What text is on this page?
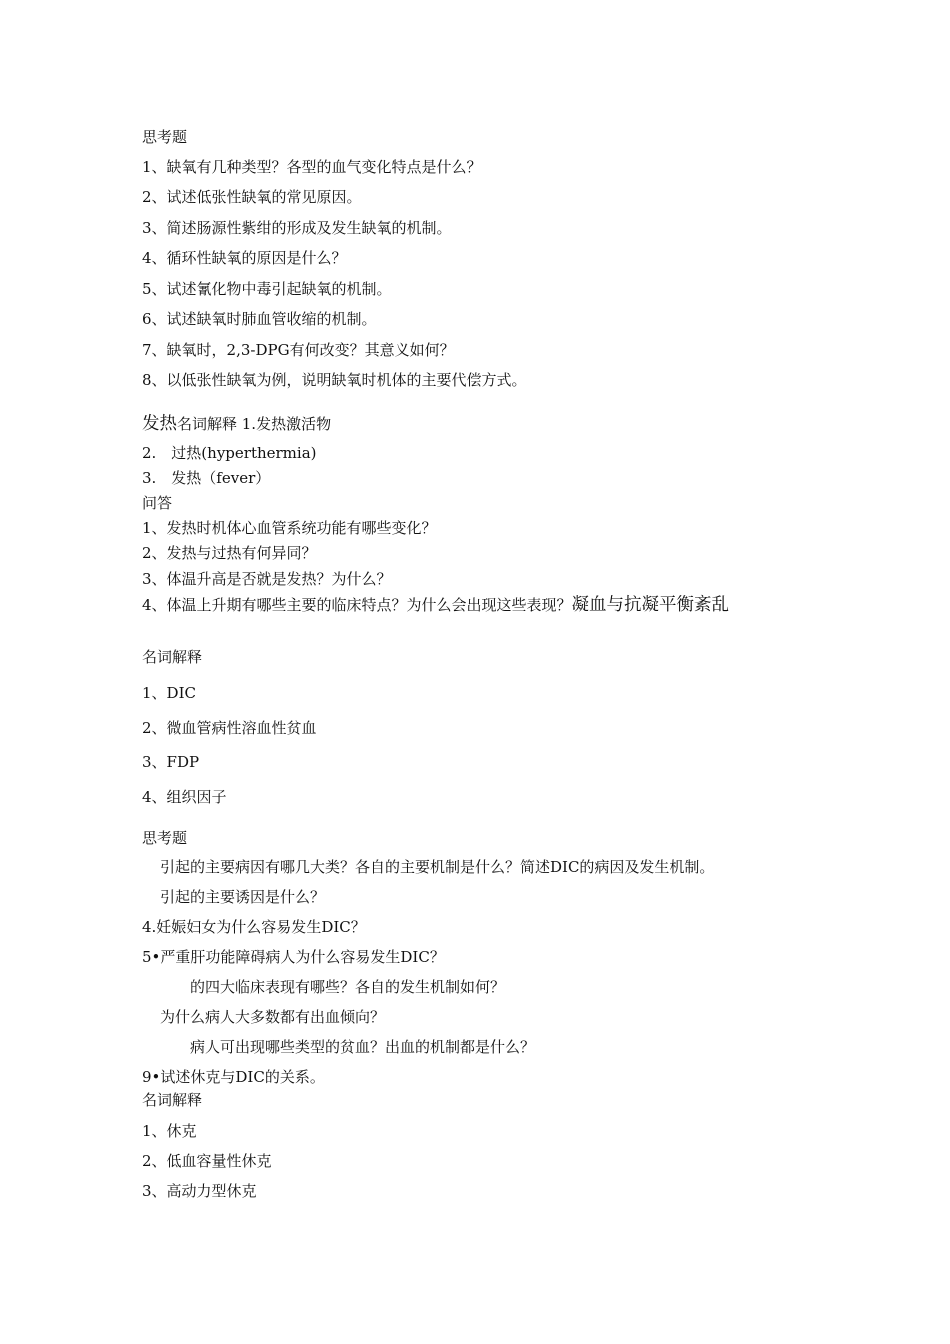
思考题
1、缺氧有几种类型？各型的血气变化特点是什么？
2、试述低张性缺氧的常见原因。
3、简述肠源性紫绀的形成及发生缺氧的机制。
4、循环性缺氧的原因是什么？
5、试述氰化物中毒引起缺氧的机制。
6、试述缺氧时肺血管收缩的机制。
7、缺氧时，2,3-DPG有何改变？其意义如何？
8、以低张性缺氧为例，说明缺氧时机体的主要代偿方式。
发热名词解释 1.发热激活物
2.　过热(hyperthermia)
3.　发热（fever）
问答
1、发热时机体心血管系统功能有哪些变化？
2、发热与过热有何异同？
3、体温升高是否就是发热？为什么？
4、体温上升期有哪些主要的临床特点？为什么会出现这些表现？凝血与抗凝平衡紊乱
名词解释
1、DIC
2、微血管病性溶血性贫血
3、FDP
4、组织因子
思考题
引起的主要病因有哪几大类？各自的主要机制是什么？简述DIC的病因及发生机制。
引起的主要诱因是什么？
4.妊娠妇女为什么容易发生DIC？
5•严重肝功能障碍病人为什么容易发生DIC？
的四大临床表现有哪些？各自的发生机制如何？
为什么病人大多数都有出血倾向？
病人可出现哪些类型的贫血？出血的机制都是什么？
9•试述休克与DIC的关系。
名词解释
1、休克
2、低血容量性休克
3、高动力型休克
